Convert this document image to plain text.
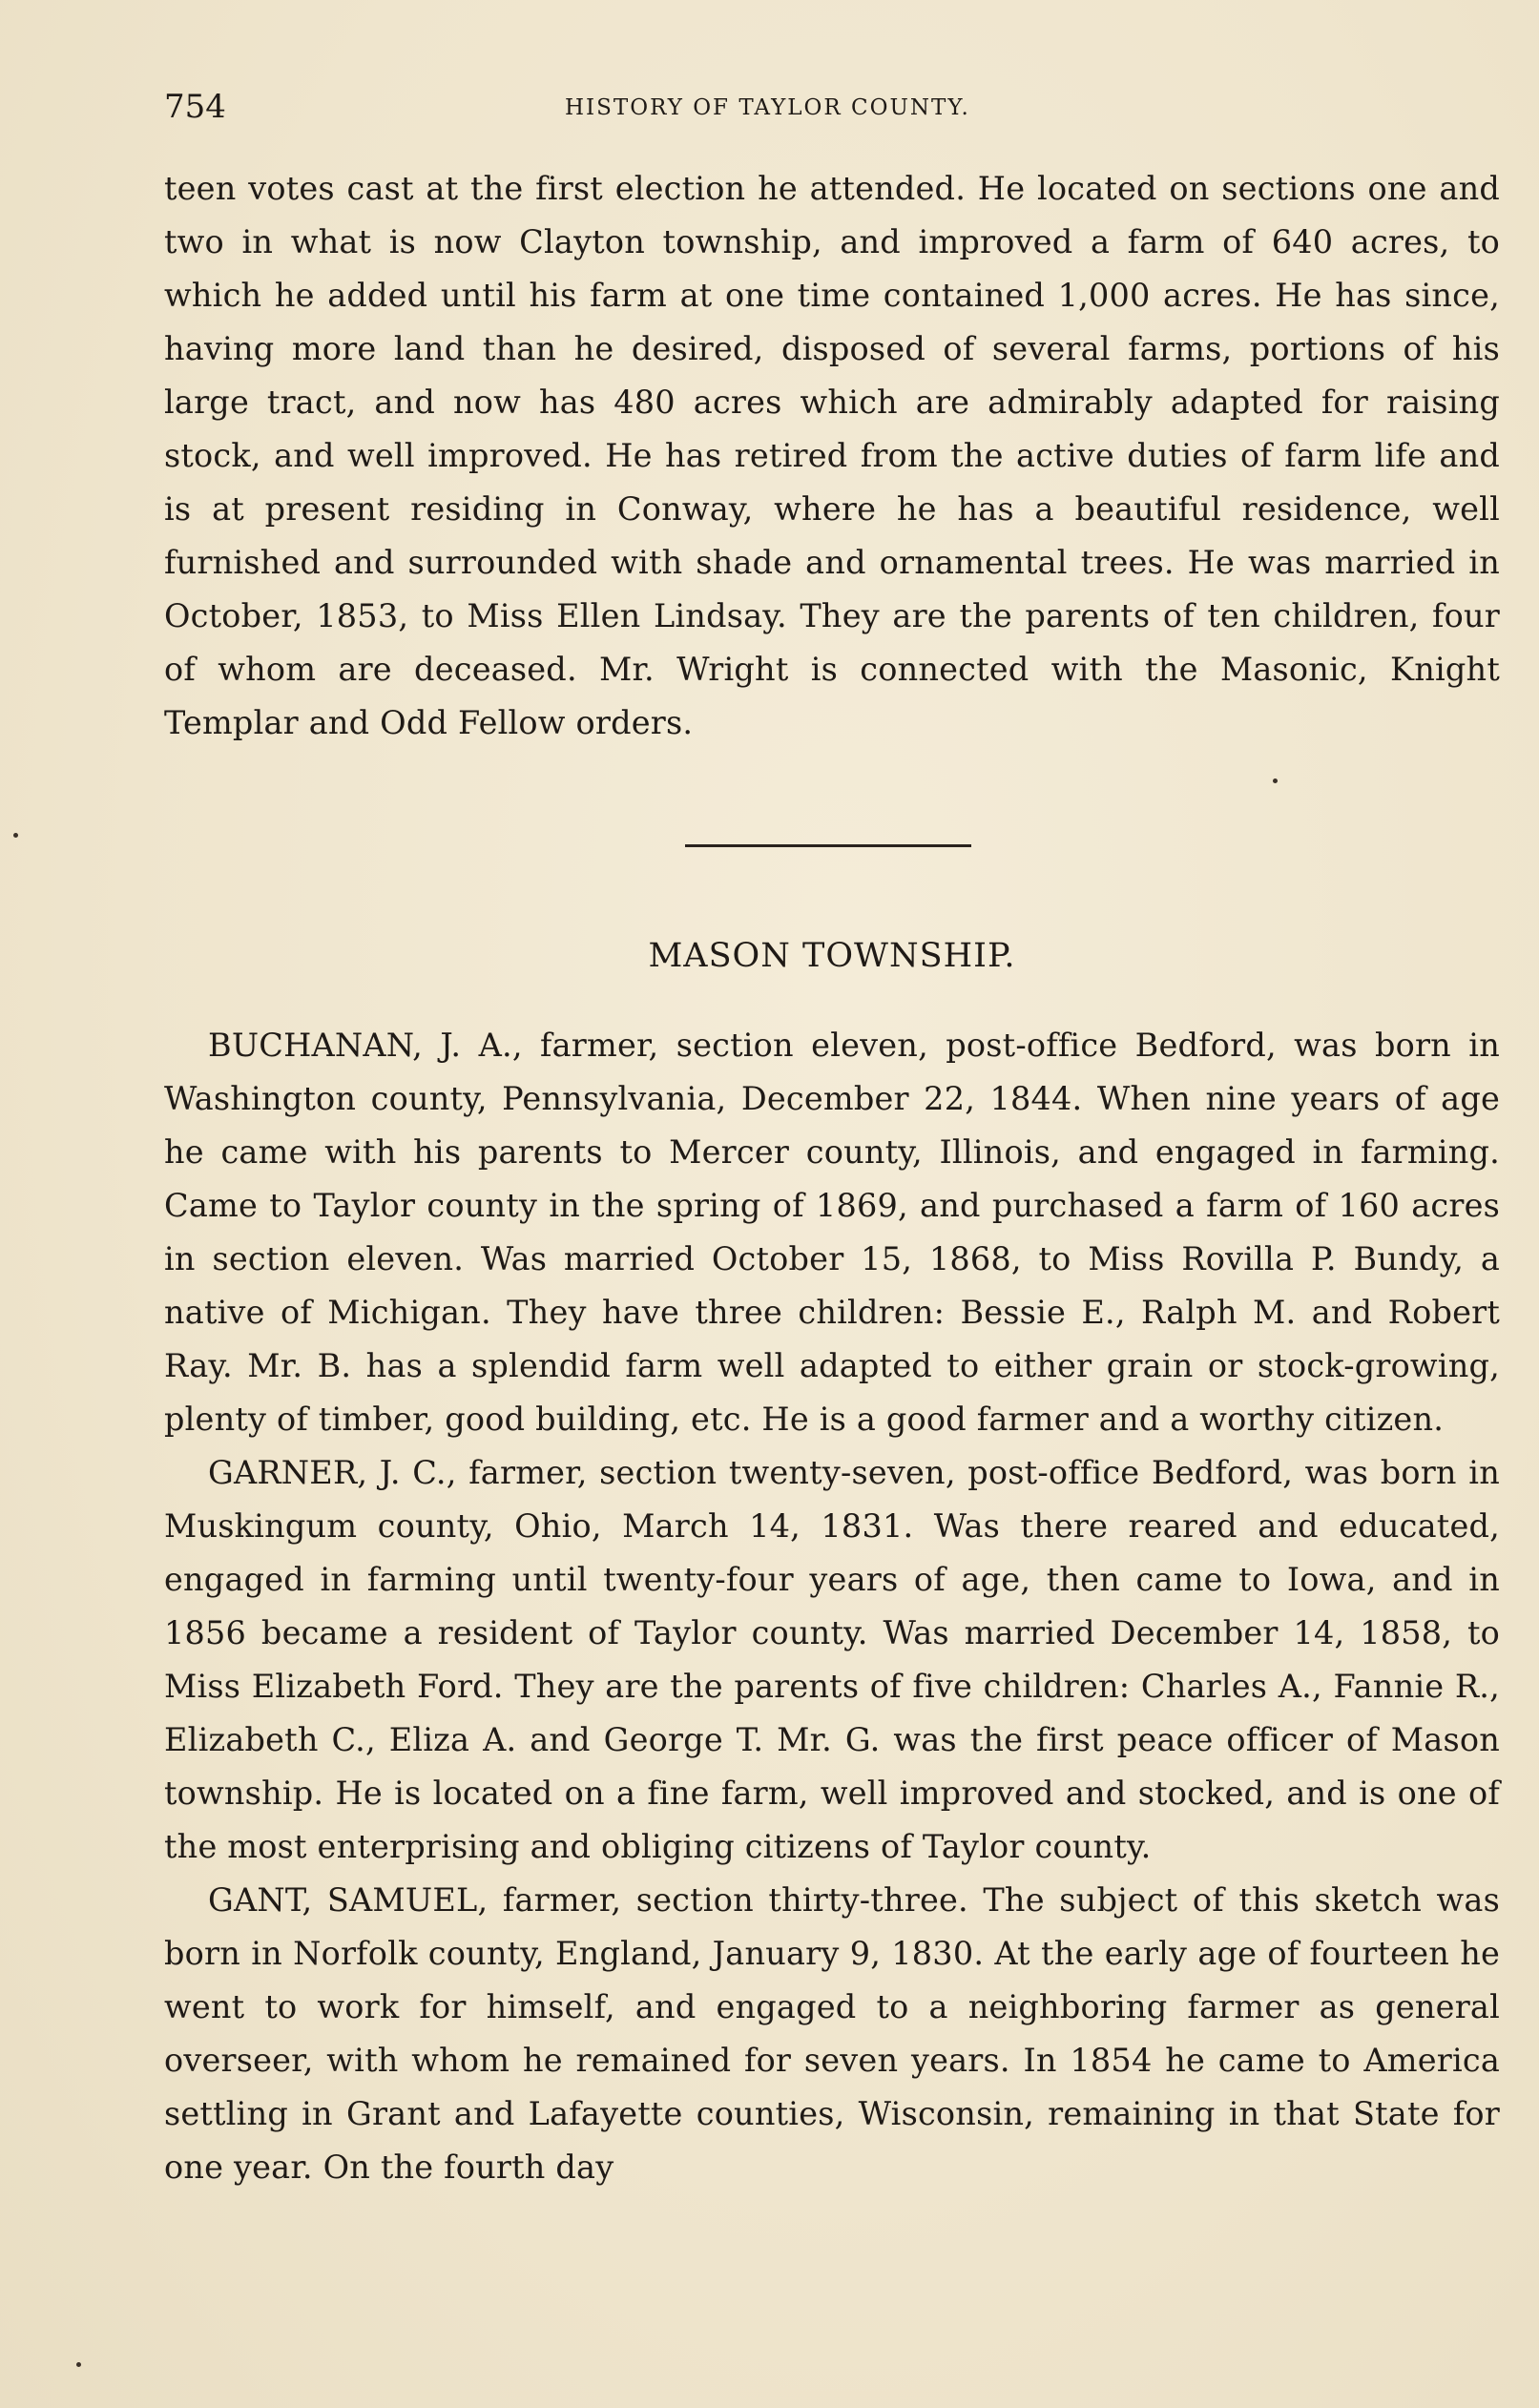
754	HISTORY OF TAYLOR COUNTY.

teen votes cast at the first election he attended. He located on sections one and two in what is now Clayton township, and improved a farm of 640 acres, to which he added until his farm at one time contained 1,000 acres. He has since, having more land than he desired, disposed of several farms, portions of his large tract, and now has 480 acres which are admirably adapted for raising stock, and well improved. He has retired from the active duties of farm life and is at present residing in Conway, where he has a beautiful residence, well furnished and surrounded with shade and ornamental trees. He was married in October, 1853, to Miss Ellen Lindsay. They are the parents of ten children, four of whom are deceased. Mr. Wright is connected with the Masonic, Knight Templar and Odd Fellow orders.

MASON TOWNSHIP.

BUCHANAN, J. A., farmer, section eleven, post-office Bedford, was born in Washington county, Pennsylvania, December 22, 1844. When nine years of age he came with his parents to Mercer county, Illinois, and engaged in farming. Came to Taylor county in the spring of 1869, and purchased a farm of 160 acres in section eleven. Was married October 15, 1868, to Miss Rovilla P. Bundy, a native of Michigan. They have three children: Bessie E., Ralph M. and Robert Ray. Mr. B. has a splendid farm well adapted to either grain or stock-growing, plenty of timber, good building, etc. He is a good farmer and a worthy citizen.

GARNER, J. C., farmer, section twenty-seven, post-office Bedford, was born in Muskingum county, Ohio, March 14, 1831. Was there reared and educated, engaged in farming until twenty-four years of age, then came to Iowa, and in 1856 became a resident of Taylor county. Was married December 14, 1858, to Miss Elizabeth Ford. They are the parents of five children: Charles A., Fannie R., Elizabeth C., Eliza A. and George T. Mr. G. was the first peace officer of Mason township. He is located on a fine farm, well improved and stocked, and is one of the most enterprising and obliging citizens of Taylor county.

GANT, SAMUEL, farmer, section thirty-three. The subject of this sketch was born in Norfolk county, England, January 9, 1830. At the early age of fourteen he went to work for himself, and engaged to a neighboring farmer as general overseer, with whom he remained for seven years. In 1854 he came to America settling in Grant and Lafayette counties, Wisconsin, remaining in that State for one year. On the fourth day
